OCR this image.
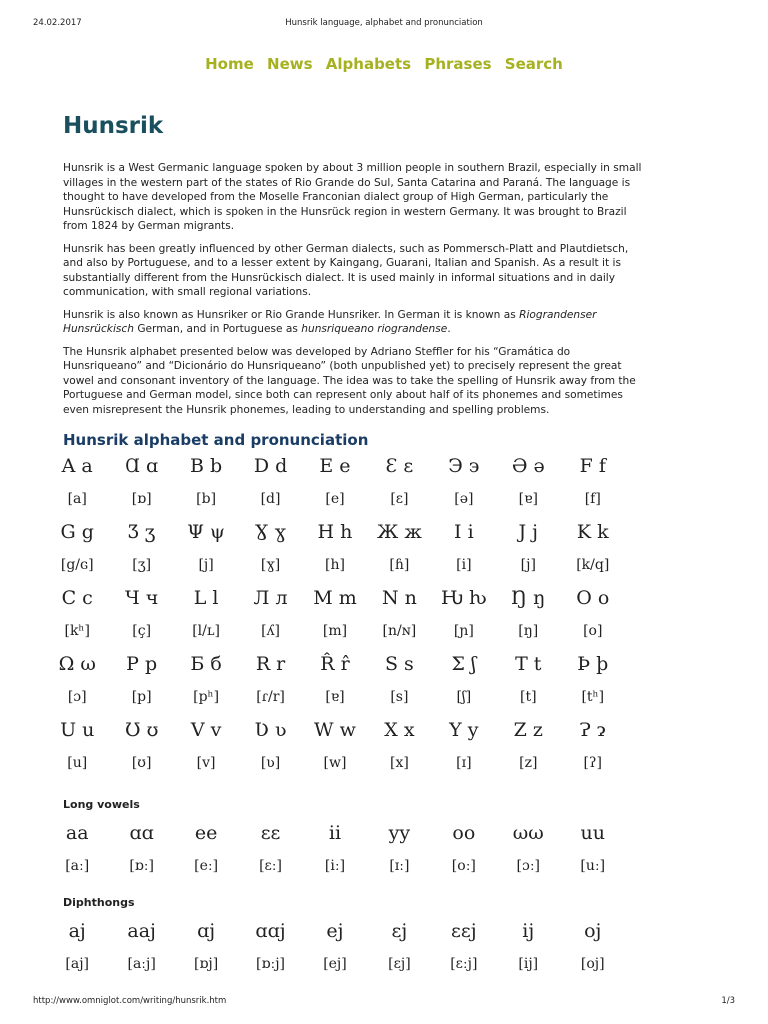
24.02.2017	Hunsrik language, alphabet and pronunciation
Home News Alphabets Phrases Search
Hunsrik

Hunsrik is a West Germanic language spoken by about 3 million people in southern Brazil, especially in small villages in the western part of the states of Rio Grande do Sul, Santa Catarina and Paraná. The language is thought to have developed from the Moselle Franconian dialect group of High German, particularly the Hunsrückisch dialect, which is spoken in the Hunsrück region in western Germany. It was brought to Brazil from 1824 by German migrants.

Hunsrik has been greatly influenced by other German dialects, such as Pommersch-Platt and Plautdietsch, and also by Portuguese, and to a lesser extent by Kaingang, Guarani, Italian and Spanish. As a result it is substantially different from the Hunsrückisch dialect. It is used mainly in informal situations and in daily communication, with small regional variations.

Hunsrik is also known as Hunsriker or Rio Grande Hunsriker. In German it is known as Riograndenser Hunsrückisch German, and in Portuguese as hunsriqueano riograndense.

The Hunsrik alphabet presented below was developed by Adriano Steffler for his “Gramática do Hunsriqueano” and “Dicionário do Hunsriqueano” (both unpublished yet) to precisely represent the great vowel and consonant inventory of the language. The idea was to take the spelling of Hunsrik away from the Portuguese and German model, since both can represent only about half of its phonemes and sometimes even misrepresent the Hunsrik phonemes, leading to understanding and spelling problems.

Hunsrik alphabet and pronunciation
A a	Ɑ ɑ	B b	D d	E e	Ɛ ɛ	Э э	Ə ə	F f
[a]	[ɒ]	[b]	[d]	[e]	[ɛ]	[ə]	[ɐ]	[f]
G g	Ʒ ʒ	Ψ ψ	Ɣ ɣ	H h	Ж ж	I i	J j	K k
[g/ɢ]	[ʒ]	[j]	[ɣ]	[h]	[ɦ]	[i]	[j]	[k/q]
C c	Ч ч	L l	Л л	M m	N n	Ƕ ƕ	Ŋ ŋ	O o
[kʰ]	[ç]	[l/ʟ]	[ʎ]	[m]	[n/ɴ]	[ɲ]	[ŋ]	[o]
Ω ω	P p	Б б	R r	R̂ r̂	S s	Σ ʃ	T t	Þ þ
[ɔ]	[p]	[pʰ]	[ɾ/r]	[ɐ]	[s]	[ʃ]	[t]	[tʰ]
U u	Ʊ ʊ	V v	Ʋ ʋ	W w	X x	Y y	Z z	Ɂ ɂ
[u]	[ʊ]	[v]	[ʋ]	[w]	[x]	[ɪ]	[z]	[ʔ]
Long vowels
aa	ɑɑ	ee	ɛɛ	ii	yy	oo	ωω	uu
[aː]	[ɒː]	[eː]	[ɛː]	[iː]	[ɪː]	[oː]	[ɔː]	[uː]
Diphthongs
aj	aaj	ɑj	ɑɑj	ej	ɛj	ɛɛj	ij	oj
[aj]	[aːj]	[ɒj]	[ɒːj]	[ej]	[ɛj]	[ɛːj]	[ij]	[oj]
http://www.omniglot.com/writing/hunsrik.htm	1/3
